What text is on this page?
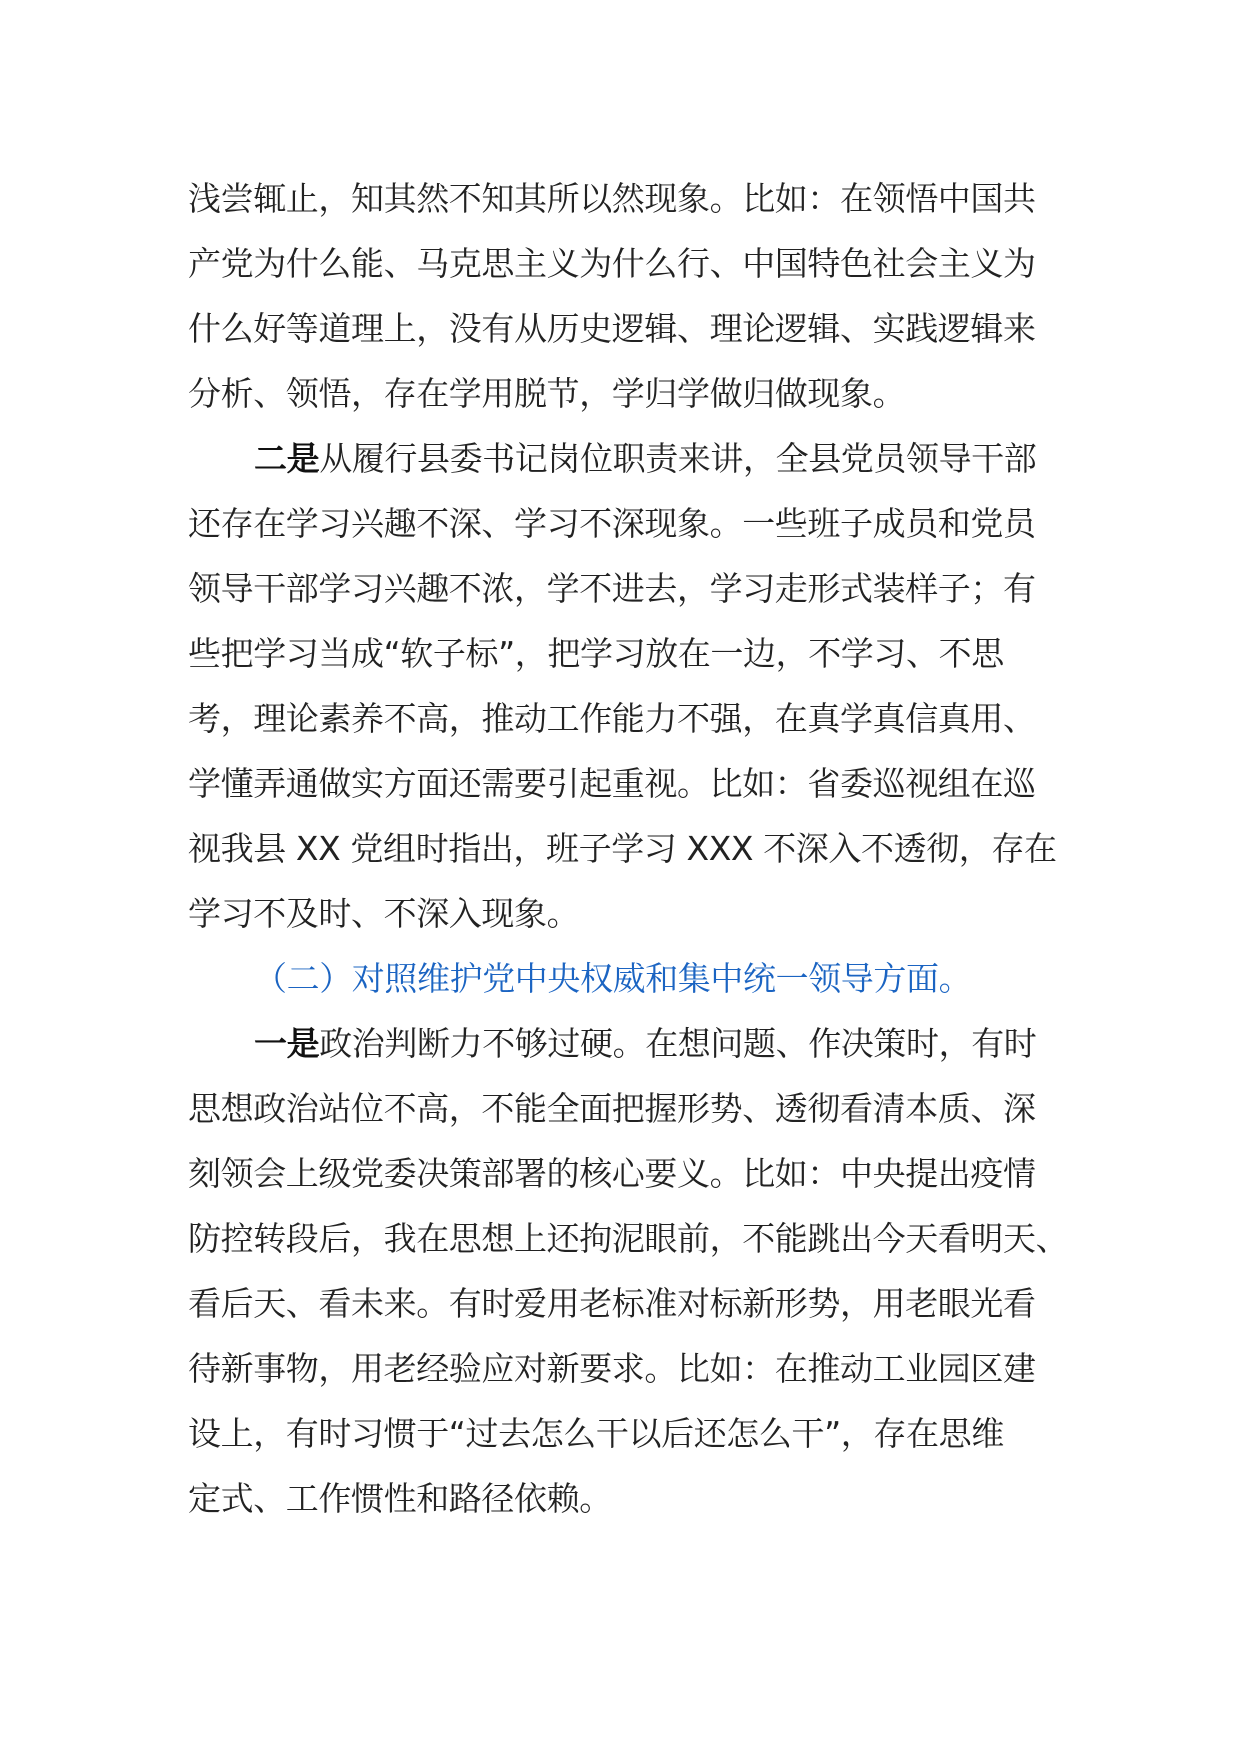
浅尝辄止，知其然不知其所以然现象。比如：在领悟中国共
产党为什么能、马克思主义为什么行、中国特色社会主义为
什么好等道理上，没有从历史逻辑、理论逻辑、实践逻辑来
分析、领悟，存在学用脱节，学归学做归做现象。
二是从履行县委书记岗位职责来讲，全县党员领导干部
还存在学习兴趣不深、学习不深现象。一些班子成员和党员
领导干部学习兴趣不浓，学不进去，学习走形式装样子；有
些把学习当成“软子标”，把学习放在一边，不学习、不思
考，理论素养不高，推动工作能力不强，在真学真信真用、
学懂弄通做实方面还需要引起重视。比如：省委巡视组在巡
视我县 XX 党组时指出，班子学习 XXX 不深入不透彻，存在
学习不及时、不深入现象。
（二）对照维护党中央权威和集中统一领导方面。
一是政治判断力不够过硬。在想问题、作决策时，有时
思想政治站位不高，不能全面把握形势、透彻看清本质、深
刻领会上级党委决策部署的核心要义。比如：中央提出疫情
防控转段后，我在思想上还拘泥眼前，不能跳出今天看明天、
看后天、看未来。有时爱用老标准对标新形势，用老眼光看
待新事物，用老经验应对新要求。比如：在推动工业园区建
设上，有时习惯于“过去怎么干以后还怎么干”，存在思维
定式、工作惯性和路径依赖。
